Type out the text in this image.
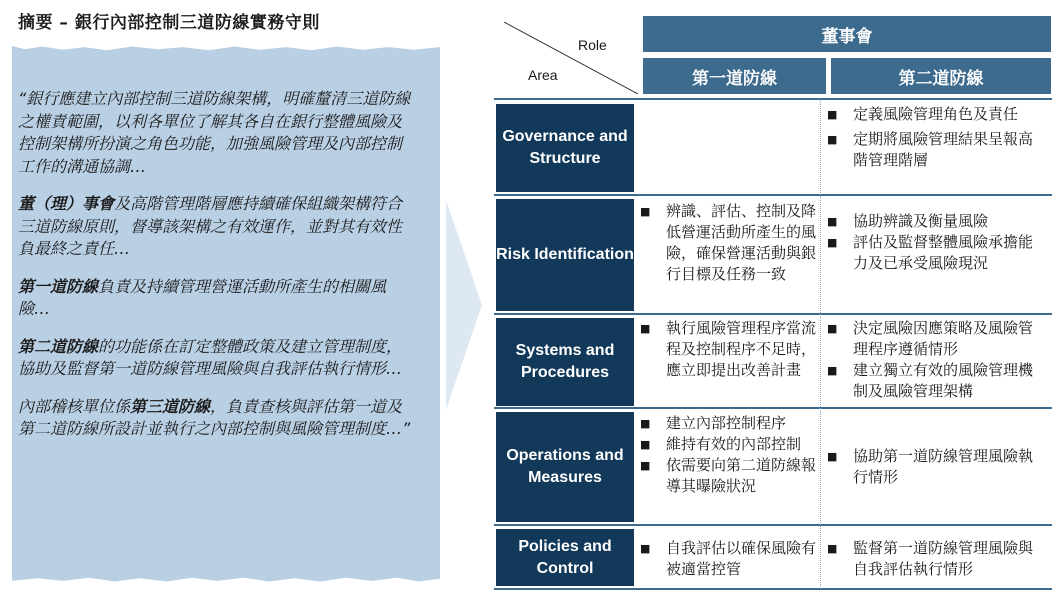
摘要 – 銀行內部控制三道防線實務守則

“銀行應建立內部控制三道防線架構，明確釐清三道防線之權責範圍，以利各單位了解其各自在銀行整體風險及控制架構所扮演之角色功能，加強風險管理及內部控制工作的溝通協調…

董（理）事會及高階管理階層應持續確保組織架構符合三道防線原則，督導該架構之有效運作，並對其有效性負最終之責任…

第一道防線負責及持續管理營運活動所產生的相關風險…

第二道防線的功能係在訂定整體政策及建立管理制度，協助及監督第一道防線管理風險與自我評估執行情形…

內部稽核單位係第三道防線，負責查核與評估第一道及第二道防線所設計並執行之內部控制與風險管理制度…”

Role
Area
董事會
第一道防線	第二道防線
Governance and Structure
■ 定義風險管理角色及責任
■ 定期將風險管理結果呈報高階管理階層
Risk Identification
■ 辨識、評估、控制及降低營運活動所產生的風險，確保營運活動與銀行目標及任務一致
■ 協助辨識及衡量風險
■ 評估及監督整體風險承擔能力及已承受風險現況
Systems and Procedures
■ 執行風險管理程序當流程及控制程序不足時，應立即提出改善計畫
■ 決定風險因應策略及風險管理程序遵循情形
■ 建立獨立有效的風險管理機制及風險管理架構
Operations and Measures
■ 建立內部控制程序
■ 維持有效的內部控制
■ 依需要向第二道防線報導其曝險狀況
■ 協助第一道防線管理風險執行情形
Policies and Control
■ 自我評估以確保風險有被適當控管
■ 監督第一道防線管理風險與自我評估執行情形
